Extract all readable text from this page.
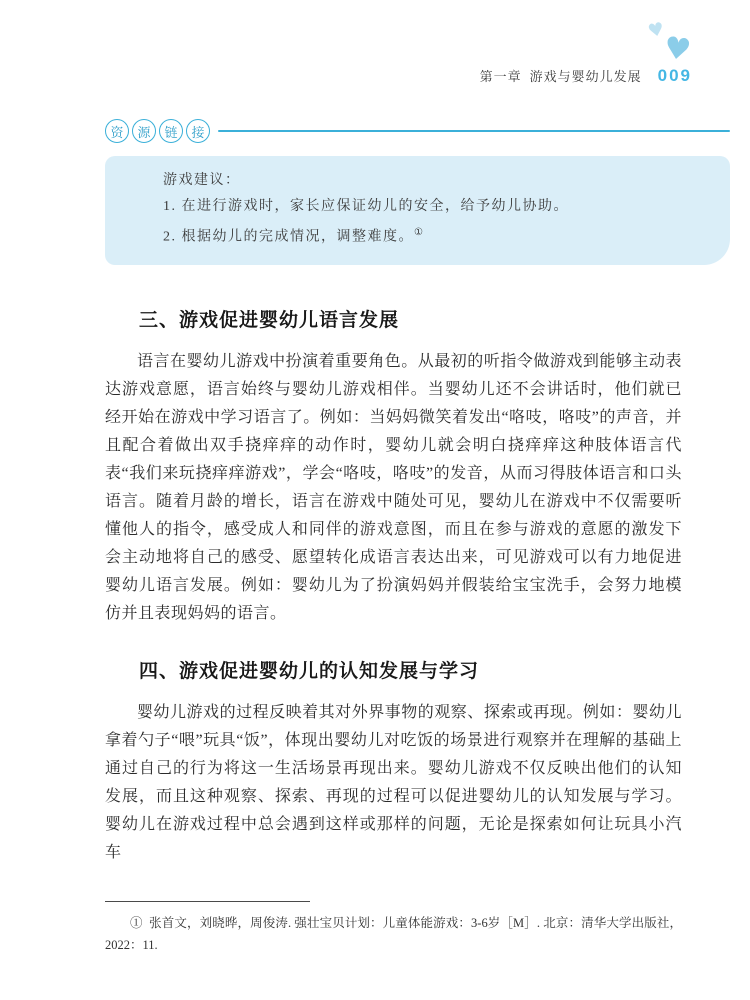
♥
♥
第一章 游戏与婴幼儿发展 009
资	源	链	接
游戏建议：
1. 在进行游戏时，家长应保证幼儿的安全，给予幼儿协助。
2. 根据幼儿的完成情况，调整难度。①
三、游戏促进婴幼儿语言发展

语言在婴幼儿游戏中扮演着重要角色。从最初的听指令做游戏到能够主动表达游戏意愿，语言始终与婴幼儿游戏相伴。当婴幼儿还不会讲话时，他们就已经开始在游戏中学习语言了。例如：当妈妈微笑着发出“咯吱，咯吱”的声音，并且配合着做出双手挠痒痒的动作时，婴幼儿就会明白挠痒痒这种肢体语言代表“我们来玩挠痒痒游戏”，学会“咯吱，咯吱”的发音，从而习得肢体语言和口头语言。随着月龄的增长，语言在游戏中随处可见，婴幼儿在游戏中不仅需要听懂他人的指令，感受成人和同伴的游戏意图，而且在参与游戏的意愿的激发下会主动地将自己的感受、愿望转化成语言表达出来，可见游戏可以有力地促进婴幼儿语言发展。例如：婴幼儿为了扮演妈妈并假装给宝宝洗手，会努力地模仿并且表现妈妈的语言。

四、游戏促进婴幼儿的认知发展与学习

婴幼儿游戏的过程反映着其对外界事物的观察、探索或再现。例如：婴幼儿拿着勺子“喂”玩具“饭”，体现出婴幼儿对吃饭的场景进行观察并在理解的基础上通过自己的行为将这一生活场景再现出来。婴幼儿游戏不仅反映出他们的认知发展，而且这种观察、探索、再现的过程可以促进婴幼儿的认知发展与学习。婴幼儿在游戏过程中总会遇到这样或那样的问题，无论是探索如何让玩具小汽车

① 张首文，刘晓晔，周俊涛. 强壮宝贝计划：儿童体能游戏：3-6岁［M］. 北京：清华大学出版社，2022：11.
